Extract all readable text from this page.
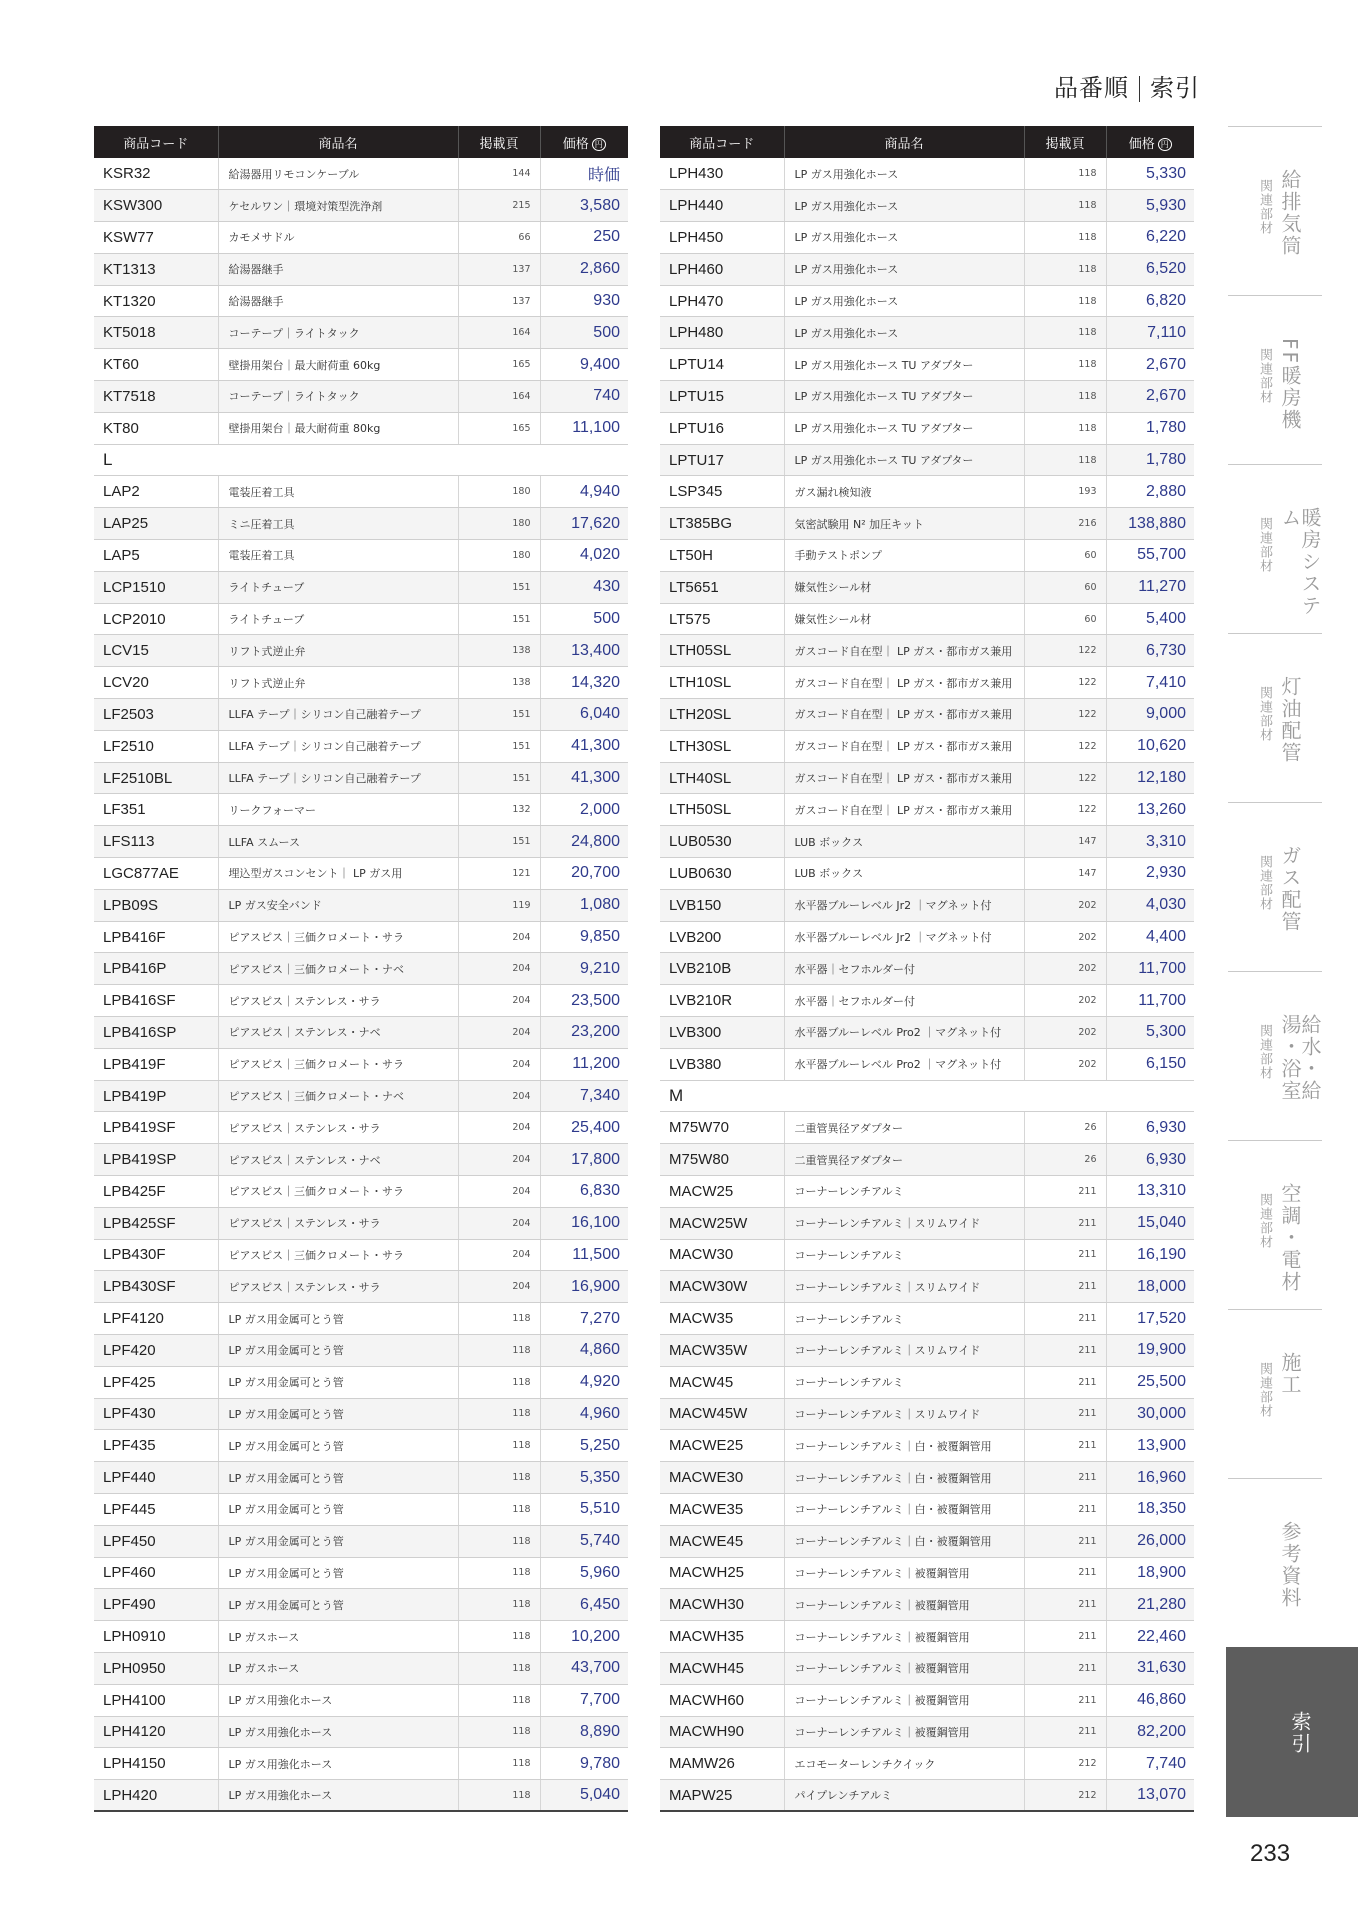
品番順 索引
商品コード	商品名	掲載頁	価格 円
KSR32	給湯器用リモコンケーブル	144	時価
KSW300	ケセルワン｜環境対策型洗浄剤	215	3,580
KSW77	カモメサドル	66	250
KT1313	給湯器継手	137	2,860
KT1320	給湯器継手	137	930
KT5018	コーテープ｜ライトタック	164	500
KT60	壁掛用架台｜最大耐荷重 60kg	165	9,400
KT7518	コーテープ｜ライトタック	164	740
KT80	壁掛用架台｜最大耐荷重 80kg	165	11,100
L			
LAP2	電装圧着工具	180	4,940
LAP25	ミニ圧着工具	180	17,620
LAP5	電装圧着工具	180	4,020
LCP1510	ライトチューブ	151	430
LCP2010	ライトチューブ	151	500
LCV15	リフト式逆止弁	138	13,400
LCV20	リフト式逆止弁	138	14,320
LF2503	LLFA テープ｜シリコン自己融着テープ	151	6,040
LF2510	LLFA テープ｜シリコン自己融着テープ	151	41,300
LF2510BL	LLFA テープ｜シリコン自己融着テープ	151	41,300
LF351	リークフォーマー	132	2,000
LFS113	LLFA スムース	151	24,800
LGC877AE	埋込型ガスコンセント｜ LP ガス用	121	20,700
LPB09S	LP ガス安全バンド	119	1,080
LPB416F	ピアスピス｜三価クロメート・サラ	204	9,850
LPB416P	ピアスピス｜三価クロメート・ナベ	204	9,210
LPB416SF	ピアスピス｜ステンレス・サラ	204	23,500
LPB416SP	ピアスピス｜ステンレス・ナベ	204	23,200
LPB419F	ピアスピス｜三価クロメート・サラ	204	11,200
LPB419P	ピアスピス｜三価クロメート・ナベ	204	7,340
LPB419SF	ピアスピス｜ステンレス・サラ	204	25,400
LPB419SP	ピアスピス｜ステンレス・ナベ	204	17,800
LPB425F	ピアスピス｜三価クロメート・サラ	204	6,830
LPB425SF	ピアスピス｜ステンレス・サラ	204	16,100
LPB430F	ピアスピス｜三価クロメート・サラ	204	11,500
LPB430SF	ピアスピス｜ステンレス・サラ	204	16,900
LPF4120	LP ガス用金属可とう管	118	7,270
LPF420	LP ガス用金属可とう管	118	4,860
LPF425	LP ガス用金属可とう管	118	4,920
LPF430	LP ガス用金属可とう管	118	4,960
LPF435	LP ガス用金属可とう管	118	5,250
LPF440	LP ガス用金属可とう管	118	5,350
LPF445	LP ガス用金属可とう管	118	5,510
LPF450	LP ガス用金属可とう管	118	5,740
LPF460	LP ガス用金属可とう管	118	5,960
LPF490	LP ガス用金属可とう管	118	6,450
LPH0910	LP ガスホース	118	10,200
LPH0950	LP ガスホース	118	43,700
LPH4100	LP ガス用強化ホース	118	7,700
LPH4120	LP ガス用強化ホース	118	8,890
LPH4150	LP ガス用強化ホース	118	9,780
LPH420	LP ガス用強化ホース	118	5,040
商品コード	商品名	掲載頁	価格 円
LPH430	LP ガス用強化ホース	118	5,330
LPH440	LP ガス用強化ホース	118	5,930
LPH450	LP ガス用強化ホース	118	6,220
LPH460	LP ガス用強化ホース	118	6,520
LPH470	LP ガス用強化ホース	118	6,820
LPH480	LP ガス用強化ホース	118	7,110
LPTU14	LP ガス用強化ホース TU アダプター	118	2,670
LPTU15	LP ガス用強化ホース TU アダプター	118	2,670
LPTU16	LP ガス用強化ホース TU アダプター	118	1,780
LPTU17	LP ガス用強化ホース TU アダプター	118	1,780
LSP345	ガス漏れ検知液	193	2,880
LT385BG	気密試験用 N² 加圧キット	216	138,880
LT50H	手動テストポンプ	60	55,700
LT5651	嫌気性シール材	60	11,270
LT575	嫌気性シール材	60	5,400
LTH05SL	ガスコード自在型｜ LP ガス・都市ガス兼用	122	6,730
LTH10SL	ガスコード自在型｜ LP ガス・都市ガス兼用	122	7,410
LTH20SL	ガスコード自在型｜ LP ガス・都市ガス兼用	122	9,000
LTH30SL	ガスコード自在型｜ LP ガス・都市ガス兼用	122	10,620
LTH40SL	ガスコード自在型｜ LP ガス・都市ガス兼用	122	12,180
LTH50SL	ガスコード自在型｜ LP ガス・都市ガス兼用	122	13,260
LUB0530	LUB ボックス	147	3,310
LUB0630	LUB ボックス	147	2,930
LVB150	水平器ブルーレベル Jr2 ｜マグネット付	202	4,030
LVB200	水平器ブルーレベル Jr2 ｜マグネット付	202	4,400
LVB210B	水平器｜セフホルダー付	202	11,700
LVB210R	水平器｜セフホルダー付	202	11,700
LVB300	水平器ブルーレベル Pro2 ｜マグネット付	202	5,300
LVB380	水平器ブルーレベル Pro2 ｜マグネット付	202	6,150
M			
M75W70	二重管異径アダプター	26	6,930
M75W80	二重管異径アダプター	26	6,930
MACW25	コーナーレンチアルミ	211	13,310
MACW25W	コーナーレンチアルミ｜スリムワイド	211	15,040
MACW30	コーナーレンチアルミ	211	16,190
MACW30W	コーナーレンチアルミ｜スリムワイド	211	18,000
MACW35	コーナーレンチアルミ	211	17,520
MACW35W	コーナーレンチアルミ｜スリムワイド	211	19,900
MACW45	コーナーレンチアルミ	211	25,500
MACW45W	コーナーレンチアルミ｜スリムワイド	211	30,000
MACWE25	コーナーレンチアルミ｜白・被覆鋼管用	211	13,900
MACWE30	コーナーレンチアルミ｜白・被覆鋼管用	211	16,960
MACWE35	コーナーレンチアルミ｜白・被覆鋼管用	211	18,350
MACWE45	コーナーレンチアルミ｜白・被覆鋼管用	211	26,000
MACWH25	コーナーレンチアルミ｜被覆鋼管用	211	18,900
MACWH30	コーナーレンチアルミ｜被覆鋼管用	211	21,280
MACWH35	コーナーレンチアルミ｜被覆鋼管用	211	22,460
MACWH45	コーナーレンチアルミ｜被覆鋼管用	211	31,630
MACWH60	コーナーレンチアルミ｜被覆鋼管用	211	46,860
MACWH90	コーナーレンチアルミ｜被覆鋼管用	211	82,200
MAMW26	エコモーターレンチクイック	212	7,740
MAPW25	パイプレンチアルミ	212	13,070
給排気筒
関連部材
FF暖房機
関連部材
暖房システム
関連部材
灯油配管
関連部材
ガス配管
関連部材
給水・給湯・浴室
関連部材
空調・電材
関連部材
施工
関連部材
参考資料
索引
233
